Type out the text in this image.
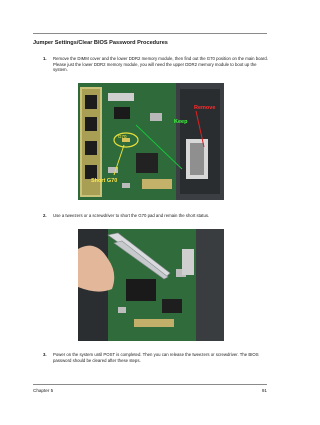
Jumper Settings/Clear BIOS Password Procedures
1. Remove the DIMM cover and the lower DDR2 memory module, then find out the G70 position on the main board. Please just the lower DDR2 memory module, you will need the upper DDR2 memory module to boot up the system.
G70
Keep
Remove
Short G70
2. Use a tweezers or a screwdriver to short the G70 pad and remain the short status.
3. Power on the system until POST is completed. Then you can release the tweezers or screwdriver. The BIOS password should be cleared after these steps.
Chapter 5	91
